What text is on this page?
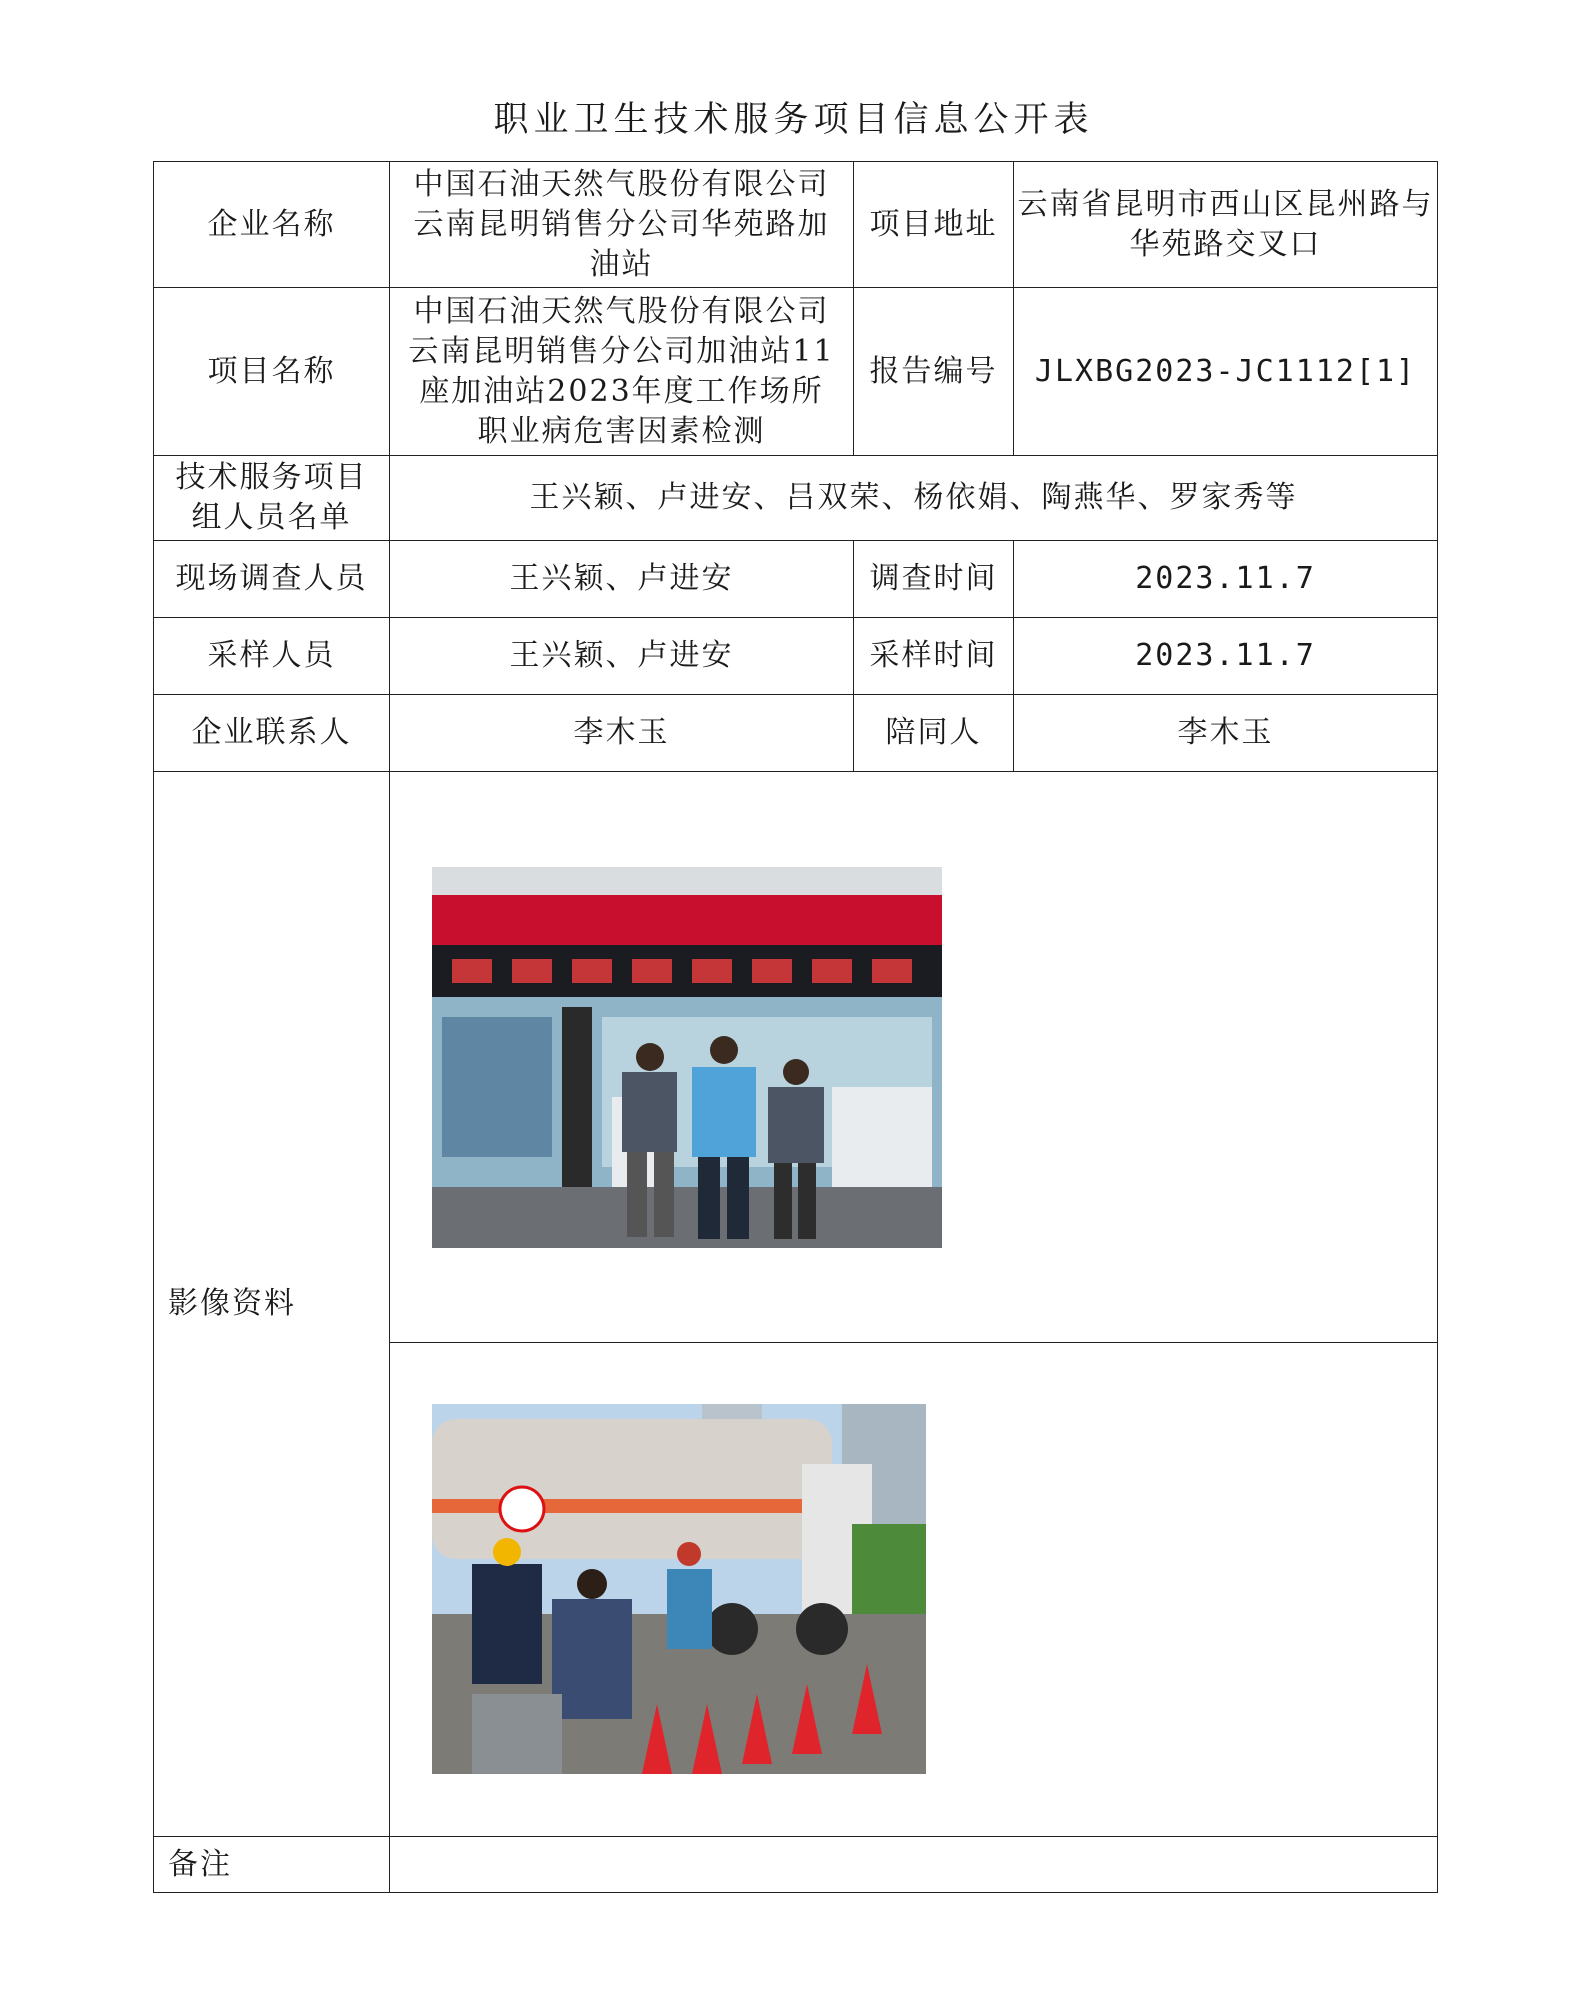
职业卫生技术服务项目信息公开表
企业名称	中国石油天然气股份有限公司云南昆明销售分公司华苑路加油站	项目地址	云南省昆明市西山区昆州路与华苑路交叉口
项目名称	中国石油天然气股份有限公司云南昆明销售分公司加油站11座加油站2023年度工作场所职业病危害因素检测	报告编号	JLXBG2023-JC1112[1]
技术服务项目组人员名单	王兴颖、卢进安、吕双荣、杨依娟、陶燕华、罗家秀等		
现场调查人员	王兴颖、卢进安	调查时间	2023.11.7
采样人员	王兴颖、卢进安	采样时间	2023.11.7
企业联系人	李木玉	陪同人	李木玉
影像资料	

备注			
